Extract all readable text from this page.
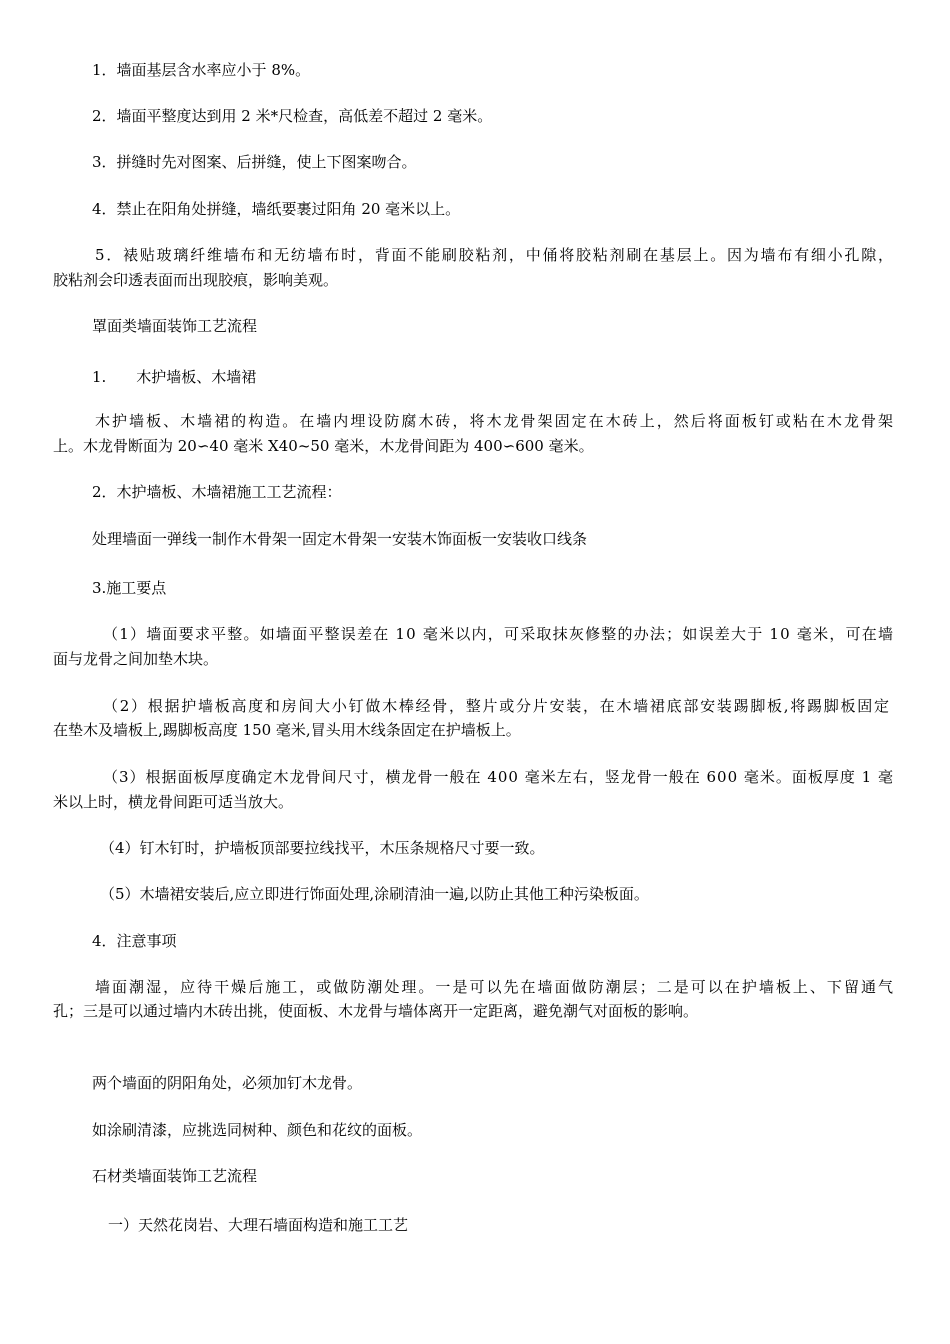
1．墙面基层含水率应小于 8%。
2．墙面平整度达到用 2 米*尺检查，高低差不超过 2 毫米。
3．拼缝时先对图案、后拼缝，使上下图案吻合。
4．禁止在阳角处拼缝，墙纸要裹过阳角 20 毫米以上。
5．裱贴玻璃纤维墙布和无纺墙布时，背面不能刷胶粘剂，中俑将胶粘剂刷在基层上。因为墙布有细小孔隙，
胶粘剂会印透表面而出现胶痕，影响美观。
罩面类墙面装饰工艺流程
1.　　木护墙板、木墙裙
木护墙板、木墙裙的构造。在墙内埋设防腐木砖，将木龙骨架固定在木砖上，然后将面板钉或粘在木龙骨架
上。木龙骨断面为 20∽40 毫米 X40~50 毫米，木龙骨间距为 400∽600 毫米。
2．木护墙板、木墙裙施工工艺流程：
处理墙面一弹线一制作木骨架一固定木骨架一安装木饰面板一安装收口线条
3.施工要点
（1）墙面要求平整。如墙面平整误差在 10 毫米以内，可采取抹灰修整的办法；如误差大于 10 毫米，可在墙
面与龙骨之间加垫木块。
（2）根据护墙板高度和房间大小钉做木棒经骨，整片或分片安装，在木墙裙底部安装踢脚板,将踢脚板固定
在垫木及墙板上,踢脚板高度 150 毫米,冒头用木线条固定在护墙板上。
（3）根据面板厚度确定木龙骨间尺寸，横龙骨一般在 400 毫米左右，竖龙骨一般在 600 毫米。面板厚度 1 毫
米以上时，横龙骨间距可适当放大。
（4）钉木钉时，护墙板顶部要拉线找平，木压条规格尺寸要一致。
（5）木墙裙安装后,应立即进行饰面处理,涂刷清油一遍,以防止其他工种污染板面。
4．注意事项
墙面潮湿，应待干燥后施工，或做防潮处理。一是可以先在墙面做防潮层；二是可以在护墙板上、下留通气
孔；三是可以通过墙内木砖出挑，使面板、木龙骨与墙体离开一定距离，避免潮气对面板的影响。
两个墙面的阴阳角处，必须加钉木龙骨。
如涂刷清漆，应挑选同树种、颜色和花纹的面板。
石材类墙面装饰工艺流程
一）天然花岗岩、大理石墙面构造和施工工艺
